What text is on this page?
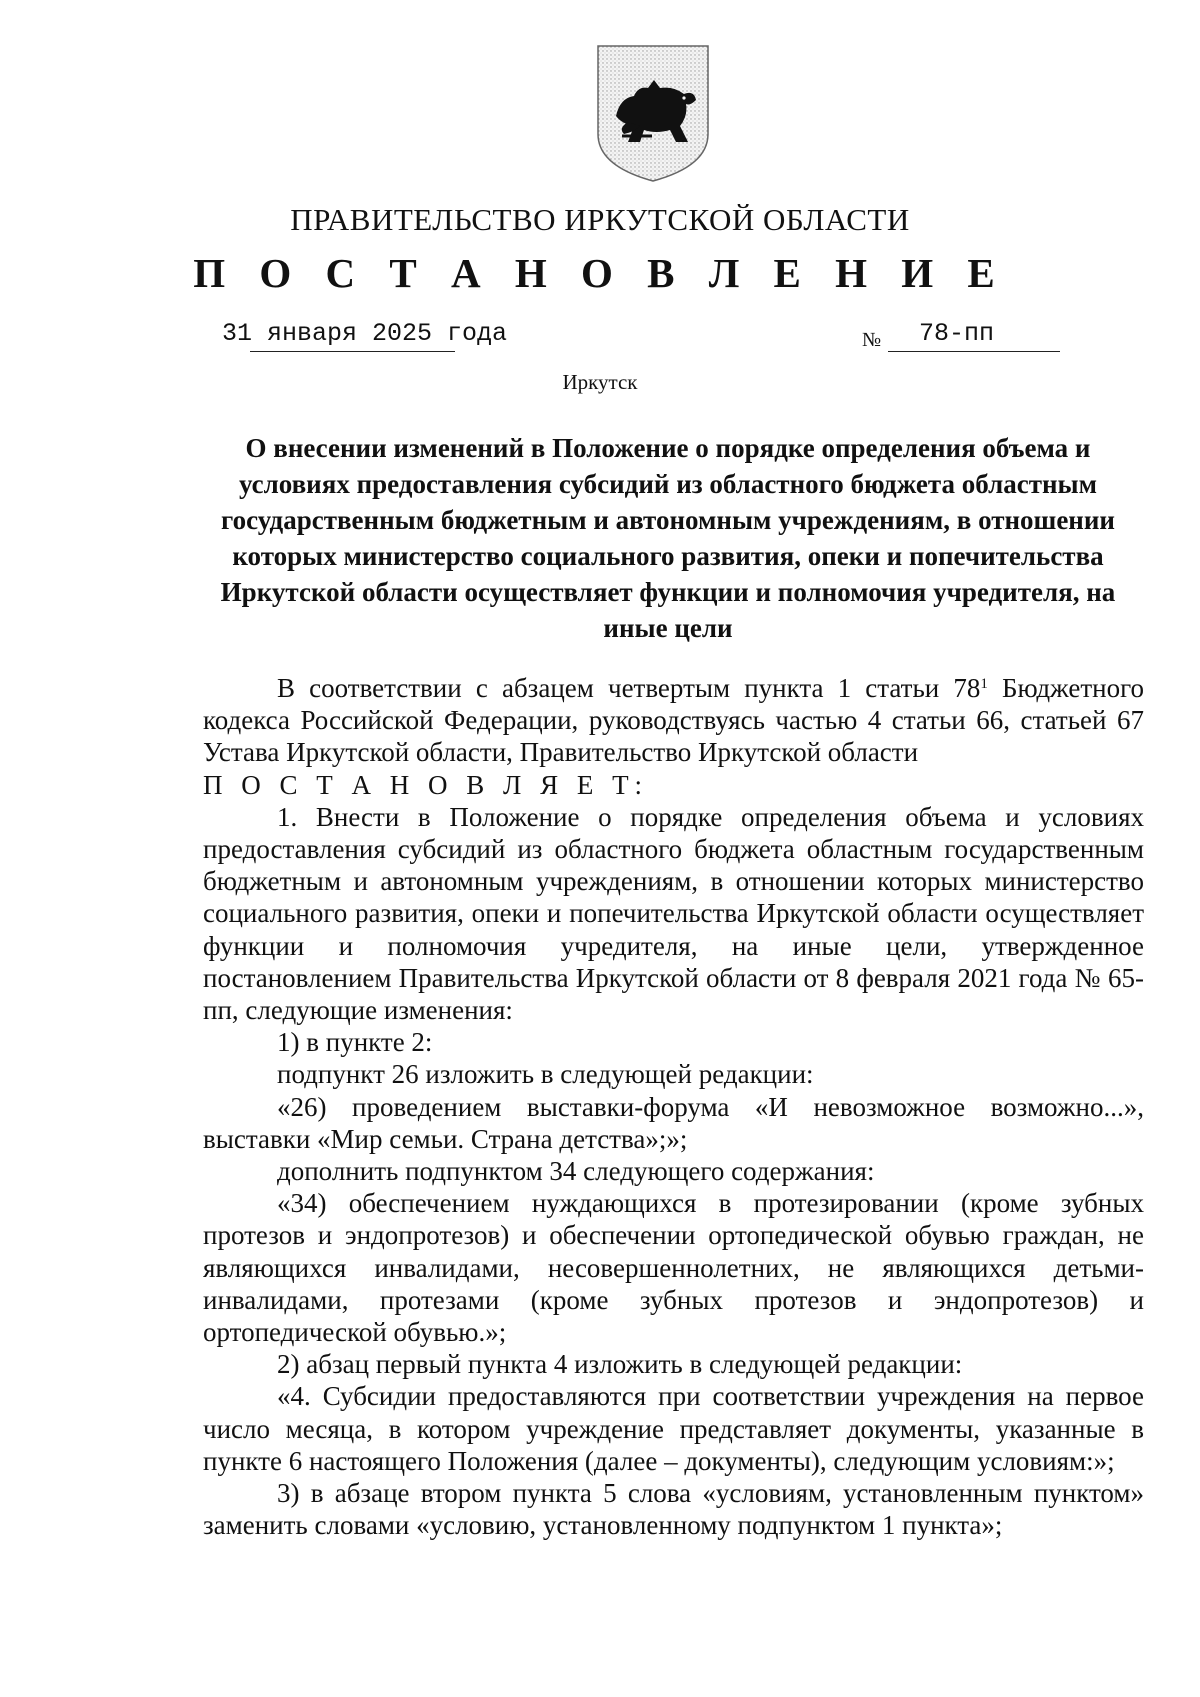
ПРАВИТЕЛЬСТВО ИРКУТСКОЙ ОБЛАСТИ
П О С Т А Н О В Л Е Н И Е
31 января 2025 года	№ 78-пп
Иркутск
О внесении изменений в Положение о порядке определения объема и
условиях предоставления субсидий из областного бюджета областным
государственным бюджетным и автономным учреждениям, в отношении
которых министерство социального развития, опеки и попечительства
Иркутской области осуществляет функции и полномочия учредителя, на
иные цели

В соответствии с абзацем четвертым пункта 1 статьи $78^1$ Бюджетного кодекса Российской Федерации, руководствуясь частью 4 статьи 66, статьей 67 Устава Иркутской области, Правительство Иркутской области

П О С Т А Н О В Л Я Е Т:

1. Внести в Положение о порядке определения объема и условиях предоставления субсидий из областного бюджета областным государственным бюджетным и автономным учреждениям, в отношении которых министерство социального развития, опеки и попечительства Иркутской области осуществляет функции и полномочия учредителя, на иные цели, утвержденное постановлением Правительства Иркутской области от 8 февраля 2021 года № 65-пп, следующие изменения:

1) в пункте 2:

подпункт 26 изложить в следующей редакции:

«26) проведением выставки-форума «И невозможное возможно...», выставки «Мир семьи. Страна детства»;»;

дополнить подпунктом 34 следующего содержания:

«34) обеспечением нуждающихся в протезировании (кроме зубных протезов и эндопротезов) и обеспечении ортопедической обувью граждан, не являющихся инвалидами, несовершеннолетних, не являющихся детьми-инвалидами, протезами (кроме зубных протезов и эндопротезов) и ортопедической обувью.»;

2) абзац первый пункта 4 изложить в следующей редакции:

«4. Субсидии предоставляются при соответствии учреждения на первое число месяца, в котором учреждение представляет документы, указанные в пункте 6 настоящего Положения (далее – документы), следующим условиям:»;

3) в абзаце втором пункта 5 слова «условиям, установленным пунктом» заменить словами «условию, установленному подпунктом 1 пункта»;
